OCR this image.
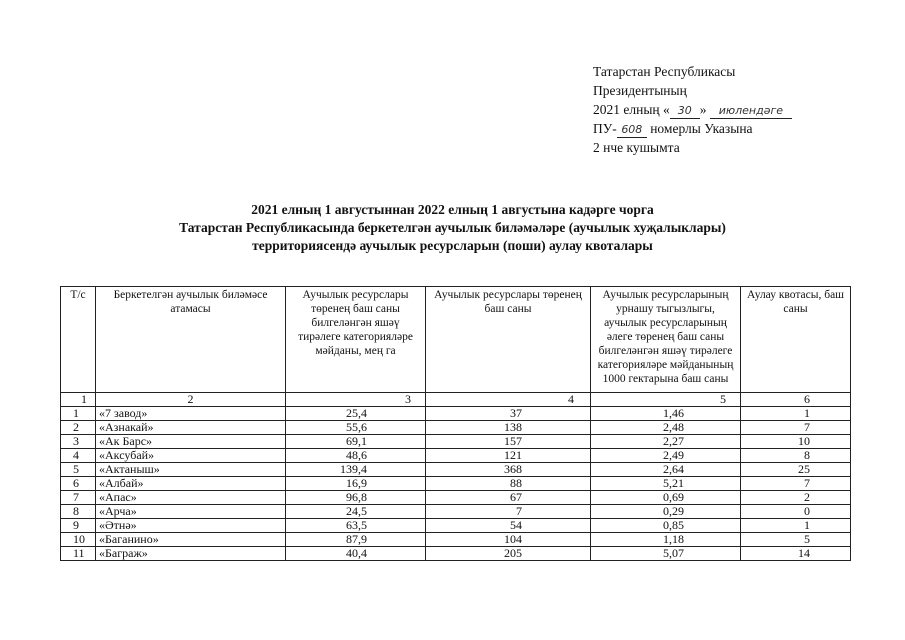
Татарстан Республикасы
Президентының
2021 елның « 30 » июлендәге
ПУ- 608 номерлы Указына
2 нче кушымта
2021 елның 1 августыннан 2022 елның 1 августына кадәрге чорга
Татарстан Республикасында беркетелгән аучылык биләмәләре (аучылык хуҗалыклары)
территориясендә аучылык ресурсларын (поши) аулау квоталары
Т/с	Беркетелгән аучылык биләмәсе атамасы	Аучылык ресурслары төренең баш саны билгеләнгән яшәү тирәлеге категорияләре мәйданы, мең га	Аучылык ресурслары төренең баш саны	Аучылык ресурсларының урнашу тыгызлыгы, аучылык ресурсларының әлеге төренең баш саны билгеләнгән яшәү тирәлеге категорияләре мәйданының 1000 гектарына баш саны	Аулау квотасы, баш саны
1	2	3	4	5	6
1	«7 завод»	25,4	37	1,46	1
2	«Азнакай»	55,6	138	2,48	7
3	«Ак Барс»	69,1	157	2,27	10
4	«Аксубай»	48,6	121	2,49	8
5	«Актаныш»	139,4	368	2,64	25
6	«Албай»	16,9	88	5,21	7
7	«Апас»	96,8	67	0,69	2
8	«Арча»	24,5	7	0,29	0
9	«Әтнә»	63,5	54	0,85	1
10	«Баганино»	87,9	104	1,18	5
11	«Баграж»	40,4	205	5,07	14
